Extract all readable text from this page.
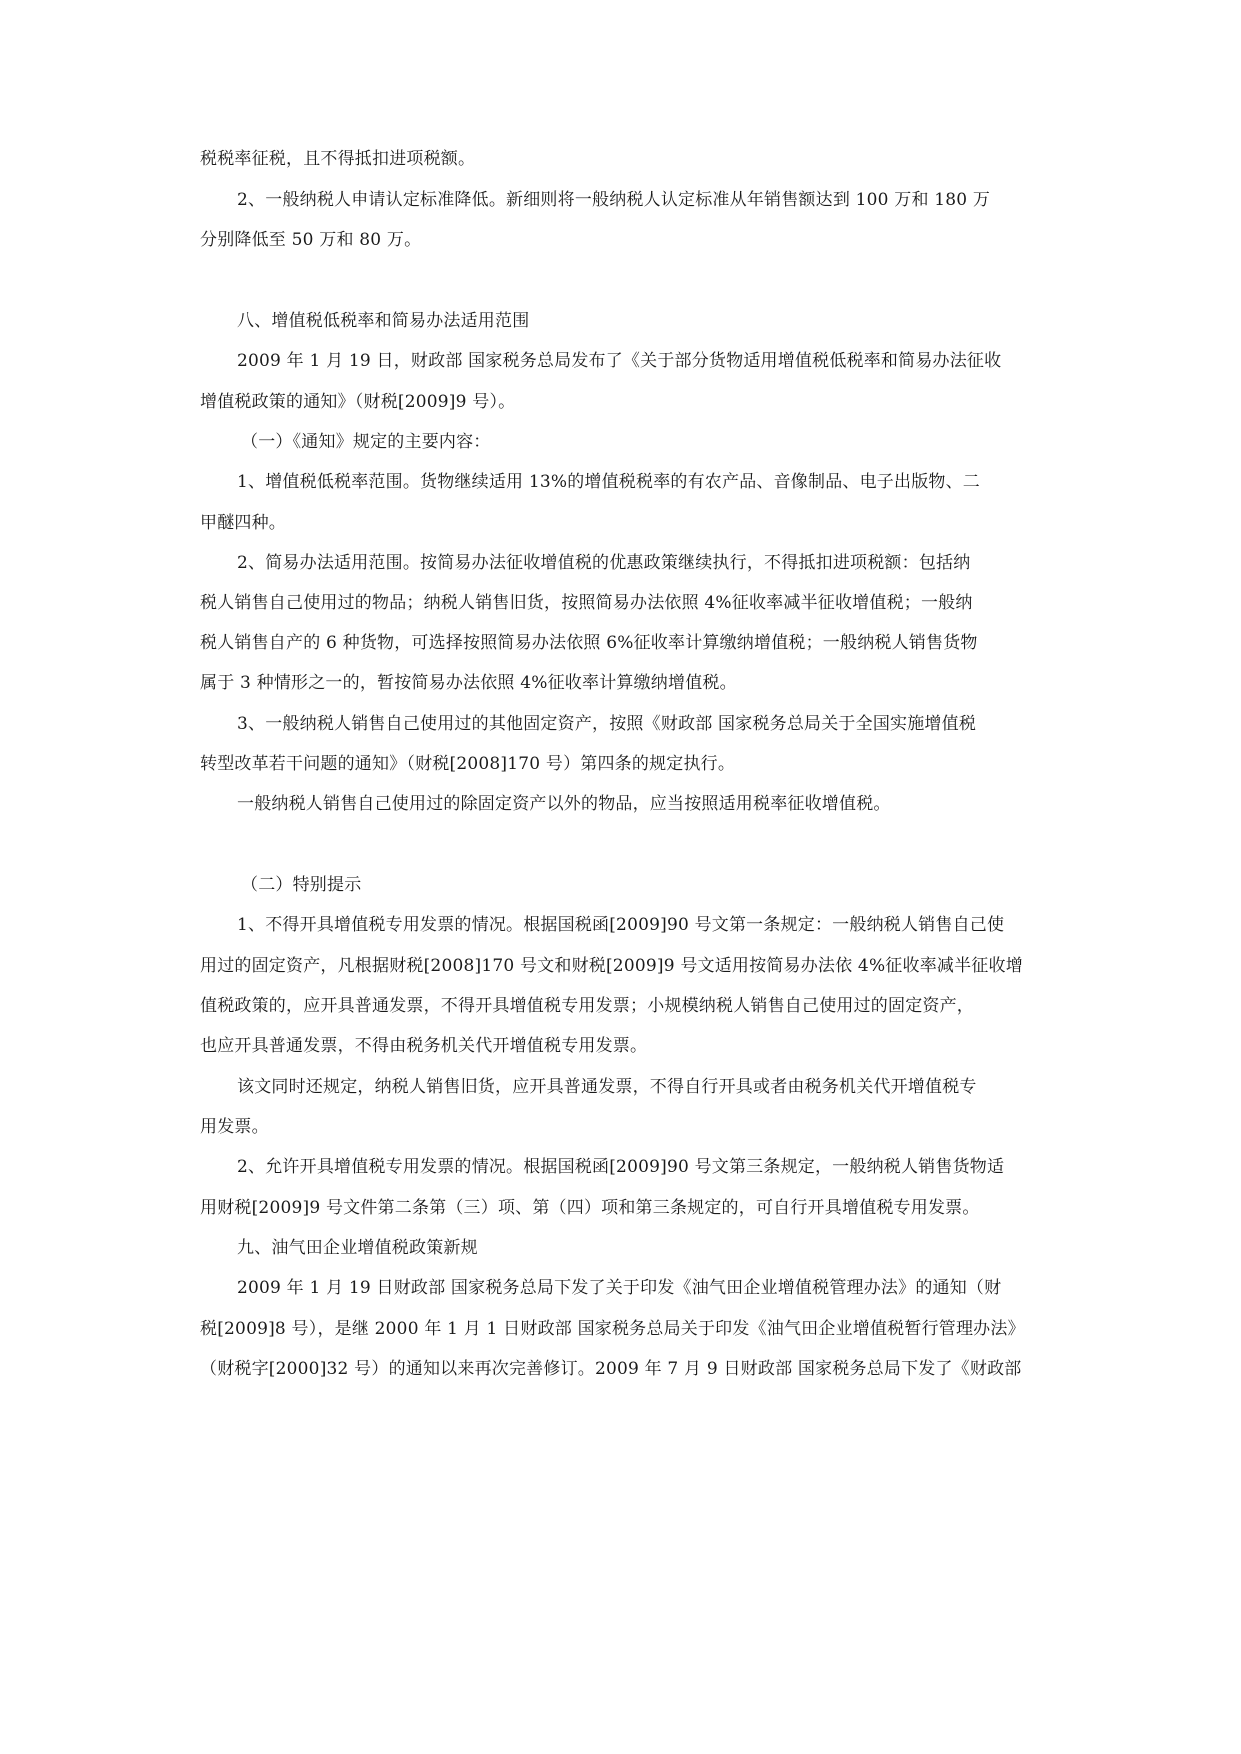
税税率征税，且不得抵扣进项税额。
2、一般纳税人申请认定标准降低。新细则将一般纳税人认定标准从年销售额达到 100 万和 180 万
分别降低至 50 万和 80 万。
八、增值税低税率和简易办法适用范围
2009 年 1 月 19 日，财政部 国家税务总局发布了《关于部分货物适用增值税低税率和简易办法征收
增值税政策的通知》（财税[2009]9 号）。
（一）《通知》规定的主要内容：
1、增值税低税率范围。货物继续适用 13%的增值税税率的有农产品、音像制品、电子出版物、二
甲醚四种。
2、简易办法适用范围。按简易办法征收增值税的优惠政策继续执行，不得抵扣进项税额：包括纳
税人销售自己使用过的物品；纳税人销售旧货，按照简易办法依照 4%征收率减半征收增值税；一般纳
税人销售自产的 6 种货物，可选择按照简易办法依照 6%征收率计算缴纳增值税；一般纳税人销售货物
属于 3 种情形之一的，暂按简易办法依照 4%征收率计算缴纳增值税。
3、一般纳税人销售自己使用过的其他固定资产，按照《财政部 国家税务总局关于全国实施增值税
转型改革若干问题的通知》（财税[2008]170 号）第四条的规定执行。
一般纳税人销售自己使用过的除固定资产以外的物品，应当按照适用税率征收增值税。
（二）特别提示
1、不得开具增值税专用发票的情况。根据国税函[2009]90 号文第一条规定：一般纳税人销售自己使
用过的固定资产，凡根据财税[2008]170 号文和财税[2009]9 号文适用按简易办法依 4%征收率减半征收增
值税政策的，应开具普通发票，不得开具增值税专用发票；小规模纳税人销售自己使用过的固定资产，
也应开具普通发票，不得由税务机关代开增值税专用发票。
该文同时还规定，纳税人销售旧货，应开具普通发票，不得自行开具或者由税务机关代开增值税专
用发票。
2、允许开具增值税专用发票的情况。根据国税函[2009]90 号文第三条规定，一般纳税人销售货物适
用财税[2009]9 号文件第二条第（三）项、第（四）项和第三条规定的，可自行开具增值税专用发票。
九、油气田企业增值税政策新规
2009 年 1 月 19 日财政部 国家税务总局下发了关于印发《油气田企业增值税管理办法》的通知（财
税[2009]8 号），是继 2000 年 1 月 1 日财政部 国家税务总局关于印发《油气田企业增值税暂行管理办法》
（财税字[2000]32 号）的通知以来再次完善修订。2009 年 7 月 9 日财政部 国家税务总局下发了《财政部
